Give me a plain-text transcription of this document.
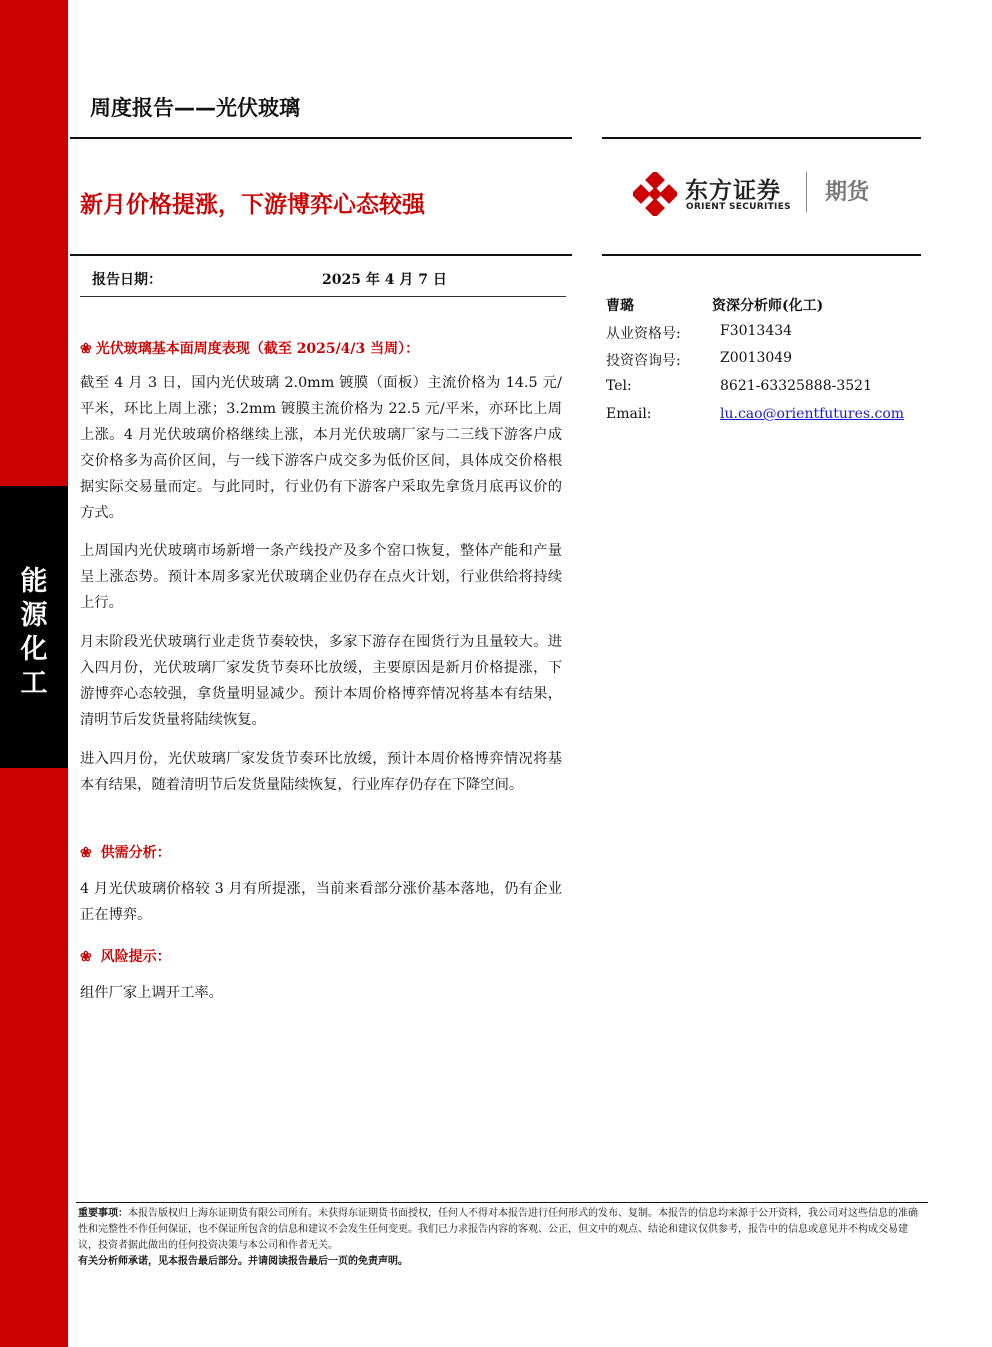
能
源
化
工
周度报告——光伏玻璃
新月价格提涨，下游博弈心态较强
东方证券
ORIENT SECURITIES
期货
报告日期：	2025 年 4 月 7 日
曹璐	资深分析师(化工)
从业资格号:	F3013434
投资咨询号:	Z0013049
Tel:	8621-63325888-3521
Email:	lu.cao@orientfutures.com
❀ 光伏玻璃基本面周度表现（截至 2025/4/3 当周）：
截至 4 月 3 日，国内光伏玻璃 2.0mm 镀膜（面板）主流价格为 14.5 元/平米，环比上周上涨；3.2mm 镀膜主流价格为 22.5 元/平米，亦环比上周上涨。4 月光伏玻璃价格继续上涨，本月光伏玻璃厂家与二三线下游客户成交价格多为高价区间，与一线下游客户成交多为低价区间，具体成交价格根据实际交易量而定。与此同时，行业仍有下游客户采取先拿货月底再议价的方式。
上周国内光伏玻璃市场新增一条产线投产及多个窑口恢复，整体产能和产量呈上涨态势。预计本周多家光伏玻璃企业仍存在点火计划，行业供给将持续上行。
月末阶段光伏玻璃行业走货节奏较快，多家下游存在囤货行为且量较大。进入四月份，光伏玻璃厂家发货节奏环比放缓，主要原因是新月价格提涨，下游博弈心态较强，拿货量明显减少。预计本周价格博弈情况将基本有结果，清明节后发货量将陆续恢复。
进入四月份，光伏玻璃厂家发货节奏环比放缓，预计本周价格博弈情况将基本有结果，随着清明节后发货量陆续恢复，行业库存仍存在下降空间。
❀ 供需分析：
4 月光伏玻璃价格较 3 月有所提涨，当前来看部分涨价基本落地，仍有企业正在博弈。
❀ 风险提示：
组件厂家上调开工率。
重要事项：本报告版权归上海东证期货有限公司所有。未获得东证期货书面授权，任何人不得对本报告进行任何形式的发布、复制。本报告的信息均来源于公开资料，我公司对这些信息的准确性和完整性不作任何保证，也不保证所包含的信息和建议不会发生任何变更。我们已力求报告内容的客观、公正，但文中的观点、结论和建议仅供参考，报告中的信息或意见并不构成交易建议，投资者据此做出的任何投资决策与本公司和作者无关。
有关分析师承诺，见本报告最后部分。并请阅读报告最后一页的免责声明。
